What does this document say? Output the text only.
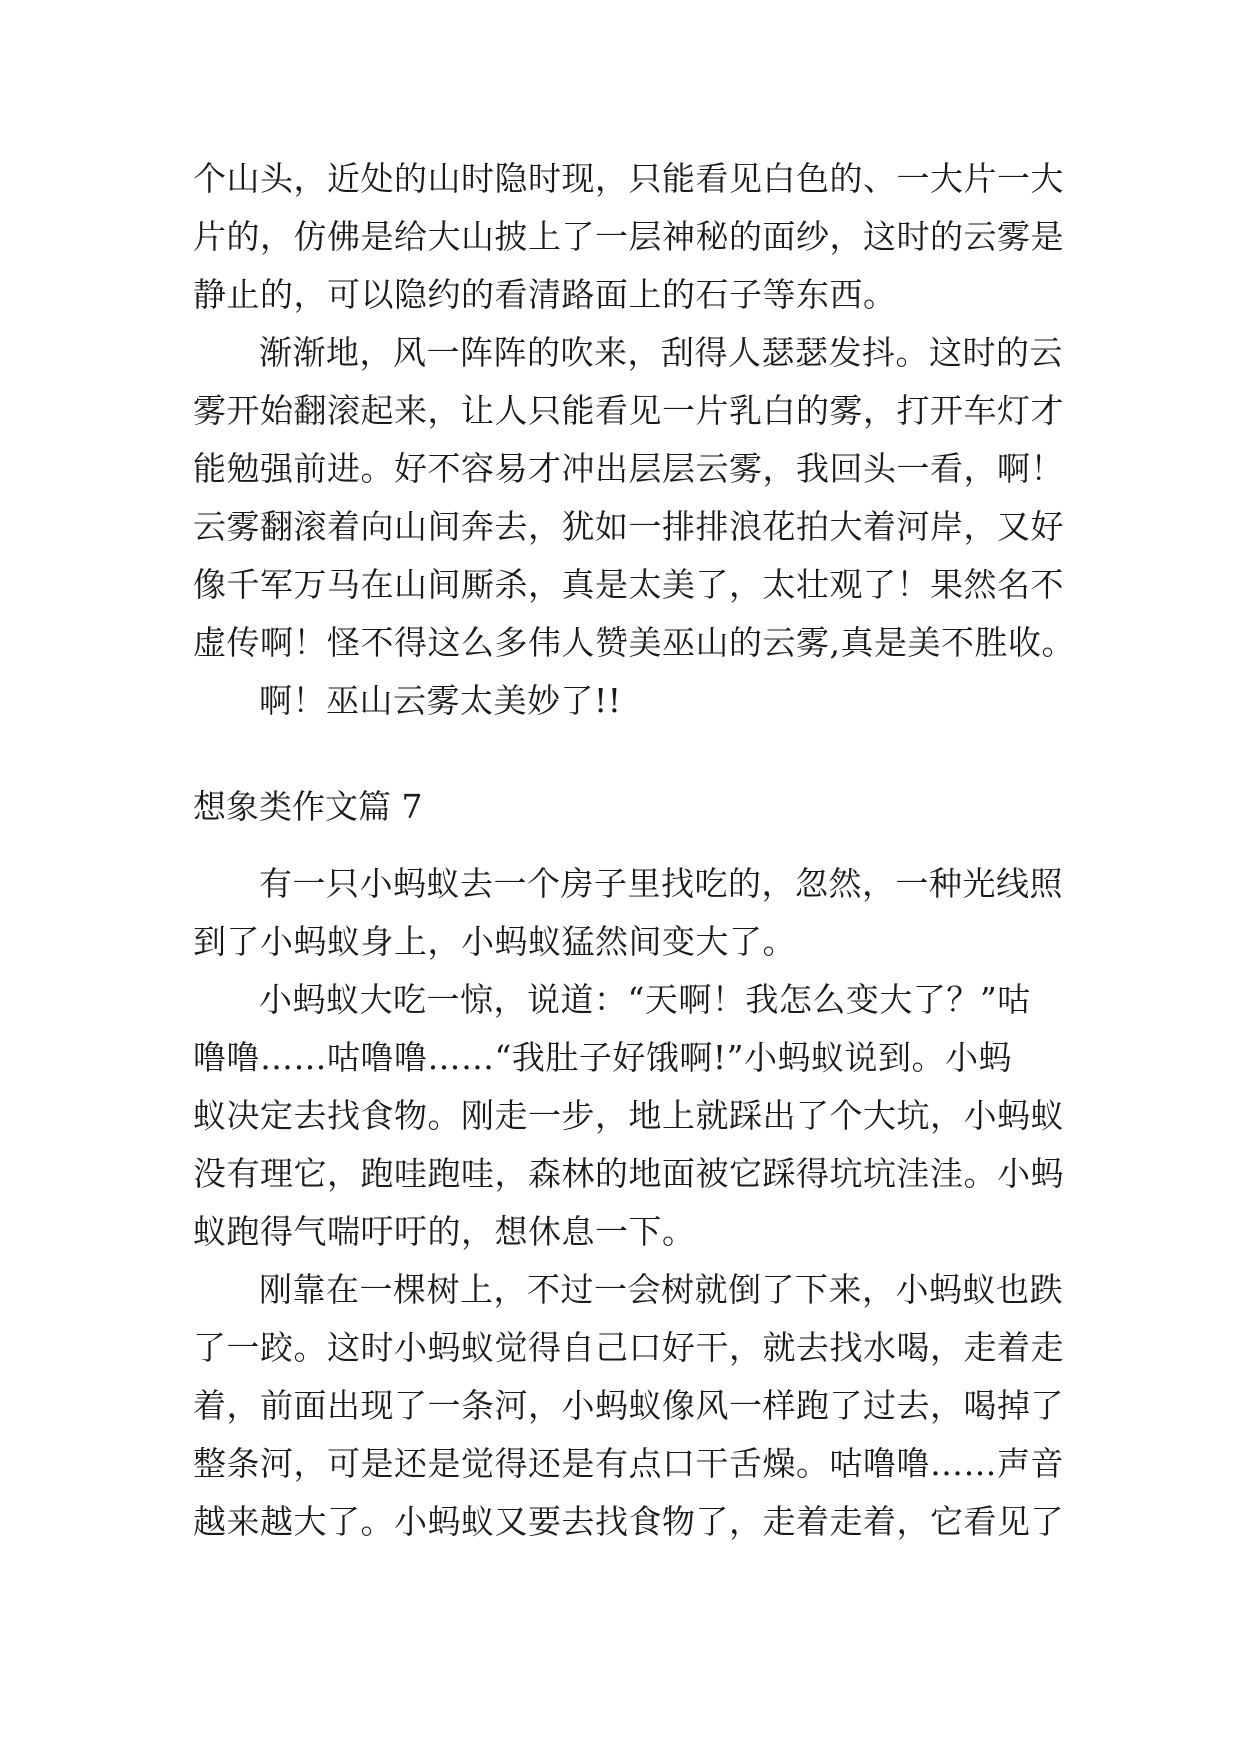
个山头，近处的山时隐时现，只能看见白色的、一大片一大
片的，仿佛是给大山披上了一层神秘的面纱，这时的云雾是
静止的，可以隐约的看清路面上的石子等东西。
渐渐地，风一阵阵的吹来，刮得人瑟瑟发抖。这时的云
雾开始翻滚起来，让人只能看见一片乳白的雾，打开车灯才
能勉强前进。好不容易才冲出层层云雾，我回头一看，啊！
云雾翻滚着向山间奔去，犹如一排排浪花拍大着河岸，又好
像千军万马在山间厮杀，真是太美了，太壮观了！果然名不
虚传啊！怪不得这么多伟人赞美巫山的云雾,真是美不胜收。
啊！巫山云雾太美妙了!!
想象类作文篇 7
有一只小蚂蚁去一个房子里找吃的，忽然，一种光线照
到了小蚂蚁身上，小蚂蚁猛然间变大了。
小蚂蚁大吃一惊，说道：“天啊！我怎么变大了？”咕
噜噜……咕噜噜……“我肚子好饿啊!”小蚂蚁说到。小蚂
蚁决定去找食物。刚走一步，地上就踩出了个大坑，小蚂蚁
没有理它，跑哇跑哇，森林的地面被它踩得坑坑洼洼。小蚂
蚁跑得气喘吁吁的，想休息一下。
刚靠在一棵树上，不过一会树就倒了下来，小蚂蚁也跌
了一跤。这时小蚂蚁觉得自己口好干，就去找水喝，走着走
着，前面出现了一条河，小蚂蚁像风一样跑了过去，喝掉了
整条河，可是还是觉得还是有点口干舌燥。咕噜噜……声音
越来越大了。小蚂蚁又要去找食物了，走着走着，它看见了
